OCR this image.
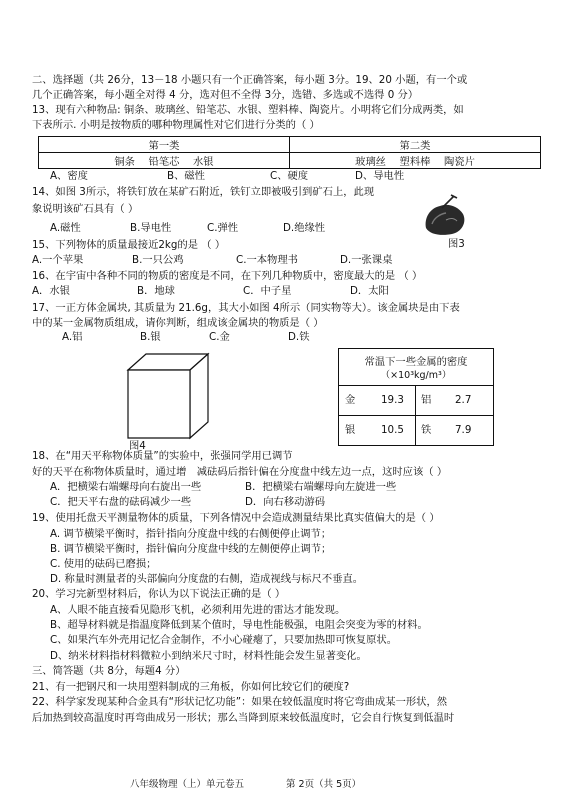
二、选择题（共 26分，13－18 小题只有一个正确答案，每小题 3分。19、20 小题，有一个或
几个正确答案，每小题全对得 4 分，选对但不全得 3分，选错、多选或不选得 0 分）
13、现有六种物品: 铜条、玻璃丝、铅笔芯、水银、塑料棒、陶瓷片。小明将它们分成两类，如
下表所示. 小明是按物质的哪种物理属性对它们进行分类的（ ）
第一类	第二类
铜条　 铅笔芯　 水银	玻璃丝　 塑料棒　 陶瓷片
A、密度	B、磁性	C、硬度	D、导电性
14、如图 3所示，将铁钉放在某矿石附近，铁钉立即被吸引到矿石上，此现
象说明该矿石具有（ ）
图3
A.磁性	B.导电性	C.弹性	D.绝缘性
15、下列物体的质量最接近2kg的是 （ ）
A.一个苹果	B.一只公鸡	C.一本物理书	D.一张课桌
16、在宇宙中各种不同的物质的密度是不同，在下列几种物质中，密度最大的是 （ ）
A．水银	B．地球	C．中子星	D．太阳
17、一正方体金属块, 其质量为 21.6g，其大小如图 4所示（同实物等大）。该金属块是由下表
中的某一金属物质组成，请你判断，组成该金属块的物质是（ ）
A.铝	B.银	C.金	D.铁
图4
常温下一些金属的密度
（×10³kg/m³）
金 19.3 铝 2.7
银 10.5 铁 7.9
18、在“用天平称物体质量”的实验中，张强同学用已调节
好的天平在称物体质量时，通过增　减砝码后指针偏在分度盘中线左边一点，这时应该（ ）
A．把横梁右端螺母向右旋出一些	B．把横梁右端螺母向左旋进一些
C．把天平右盘的砝码减少一些	D．向右移动游码
19、使用托盘天平测量物体的质量，下列各情况中会造成测量结果比真实值偏大的是（ ）
A. 调节横梁平衡时，指针指向分度盘中线的右侧便停止调节；
B. 调节横梁平衡时，指针偏向分度盘中线的左侧便停止调节；
C. 使用的砝码已磨损；
D. 称量时测量者的头部偏向分度盘的右侧，造成视线与标尺不垂直。
20、学习完新型材料后，你认为以下说法正确的是（ ）
A、人眼不能直接看见隐形飞机，必须利用先进的雷达才能发现。
B、超导材料就是指温度降低到某个值时，导电性能极强，电阻会突变为零的材料。
C、如果汽车外壳用记忆合金制作，不小心碰瘪了，只要加热即可恢复原状。
D、纳米材料指材料微粒小到纳米尺寸时，材料性能会发生显著变化。
三、简答题（共 8分，每题4 分）
21、有一把钢尺和一块用塑料制成的三角板，你如何比较它们的硬度?
22、科学家发现某种合金具有“形状记忆功能”：如果在较低温度时将它弯曲成某一形状，然
后加热到较高温度时再弯曲成另一形状；那么当降到原来较低温度时，它会自行恢复到低温时
八年级物理（上）单元卷五	第 2页（共 5页）
